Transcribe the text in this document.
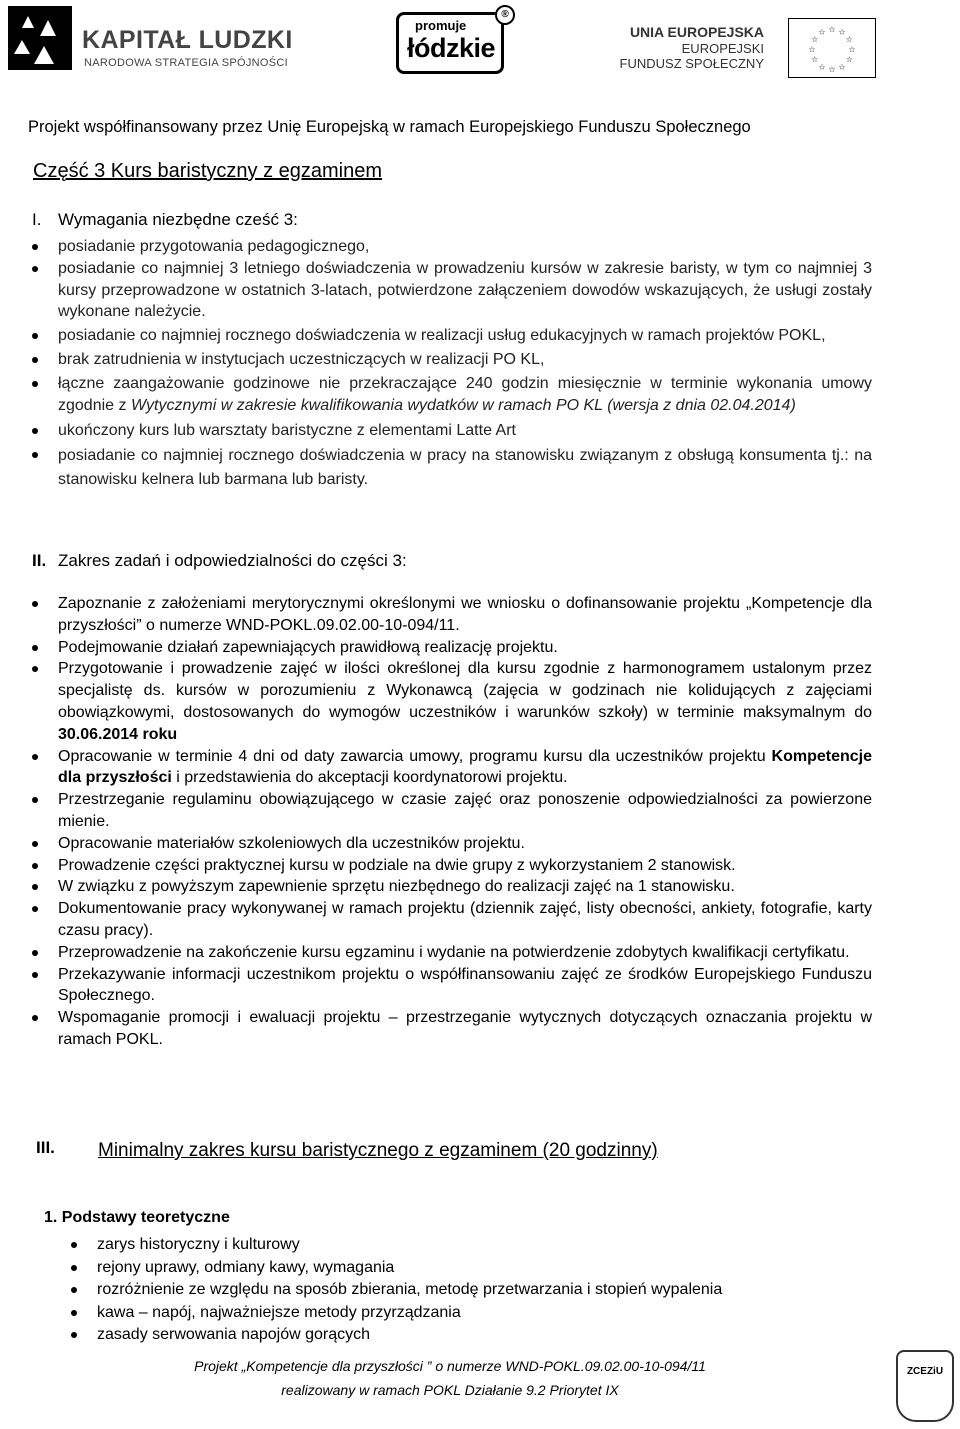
KAPITAŁ LUDZKI
NARODOWA STRATEGIA SPÓJNOŚCI
promuje
łódzkie
®
UNIA EUROPEJSKA
EUROPEJSKI
FUNDUSZ SPOŁECZNY
☆ ☆
☆
☆
☆
☆
☆
☆
☆
☆
☆
☆
Projekt współfinansowany przez Unię Europejską w ramach Europejskiego Funduszu Społecznego
Część 3 Kurs baristyczny z egzaminem
I. Wymagania niezbędne cześć 3:
posiadanie przygotowania pedagogicznego,
posiadanie co najmniej 3 letniego doświadczenia w prowadzeniu kursów w zakresie baristy, w tym co najmniej 3 kursy przeprowadzone w ostatnich 3-latach, potwierdzone załączeniem dowodów wskazujących, że usługi zostały wykonane należycie.
posiadanie co najmniej rocznego doświadczenia w realizacji usług edukacyjnych w ramach projektów POKL,
brak zatrudnienia w instytucjach uczestniczących w realizacji PO KL,
łączne zaangażowanie godzinowe nie przekraczające 240 godzin miesięcznie w terminie wykonania umowy zgodnie z Wytycznymi w zakresie kwalifikowania wydatków w ramach PO KL (wersja z dnia 02.04.2014)
ukończony kurs lub warsztaty baristyczne z elementami Latte Art
posiadanie co najmniej rocznego doświadczenia w pracy na stanowisku związanym z obsługą konsumenta tj.: na stanowisku kelnera lub barmana lub baristy.
II. Zakres zadań i odpowiedzialności do części 3:
Zapoznanie z założeniami merytorycznymi określonymi we wniosku o dofinansowanie projektu „Kompetencje dla przyszłości” o numerze WND-POKL.09.02.00-10-094/11.
Podejmowanie działań zapewniających prawidłową realizację projektu.
Przygotowanie i prowadzenie zajęć w ilości określonej dla kursu zgodnie z harmonogramem ustalonym przez specjalistę ds. kursów w porozumieniu z Wykonawcą (zajęcia w godzinach nie kolidujących z zajęciami obowiązkowymi, dostosowanych do wymogów uczestników i warunków szkoły) w terminie maksymalnym do 30.06.2014 roku
Opracowanie w terminie 4 dni od daty zawarcia umowy, programu kursu dla uczestników projektu Kompetencje dla przyszłości i przedstawienia do akceptacji koordynatorowi projektu.
Przestrzeganie regulaminu obowiązującego w czasie zajęć oraz ponoszenie odpowiedzialności za powierzone mienie.
Opracowanie materiałów szkoleniowych dla uczestników projektu.
Prowadzenie części praktycznej kursu w podziale na dwie grupy z wykorzystaniem 2 stanowisk.
W związku z powyższym zapewnienie sprzętu niezbędnego do realizacji zajęć na 1 stanowisku.
Dokumentowanie pracy wykonywanej w ramach projektu (dziennik zajęć, listy obecności, ankiety, fotografie, karty czasu pracy).
Przeprowadzenie na zakończenie kursu egzaminu i wydanie na potwierdzenie zdobytych kwalifikacji certyfikatu.
Przekazywanie informacji uczestnikom projektu o współfinansowaniu zajęć ze środków Europejskiego Funduszu Społecznego.
Wspomaganie promocji i ewaluacji projektu – przestrzeganie wytycznych dotyczących oznaczania projektu w ramach POKL.
III. Minimalny zakres kursu baristycznego z egzaminem (20 godzinny)
1. Podstawy teoretyczne
zarys historyczny i kulturowy
rejony uprawy, odmiany kawy, wymagania
rozróżnienie ze względu na sposób zbierania, metodę przetwarzania i stopień wypalenia
kawa – napój, najważniejsze metody przyrządzania
zasady serwowania napojów gorących
Projekt „Kompetencje dla przyszłości ” o numerze WND-POKL.09.02.00-10-094/11
realizowany w ramach POKL Działanie 9.2 Priorytet IX
ZCEZiU
